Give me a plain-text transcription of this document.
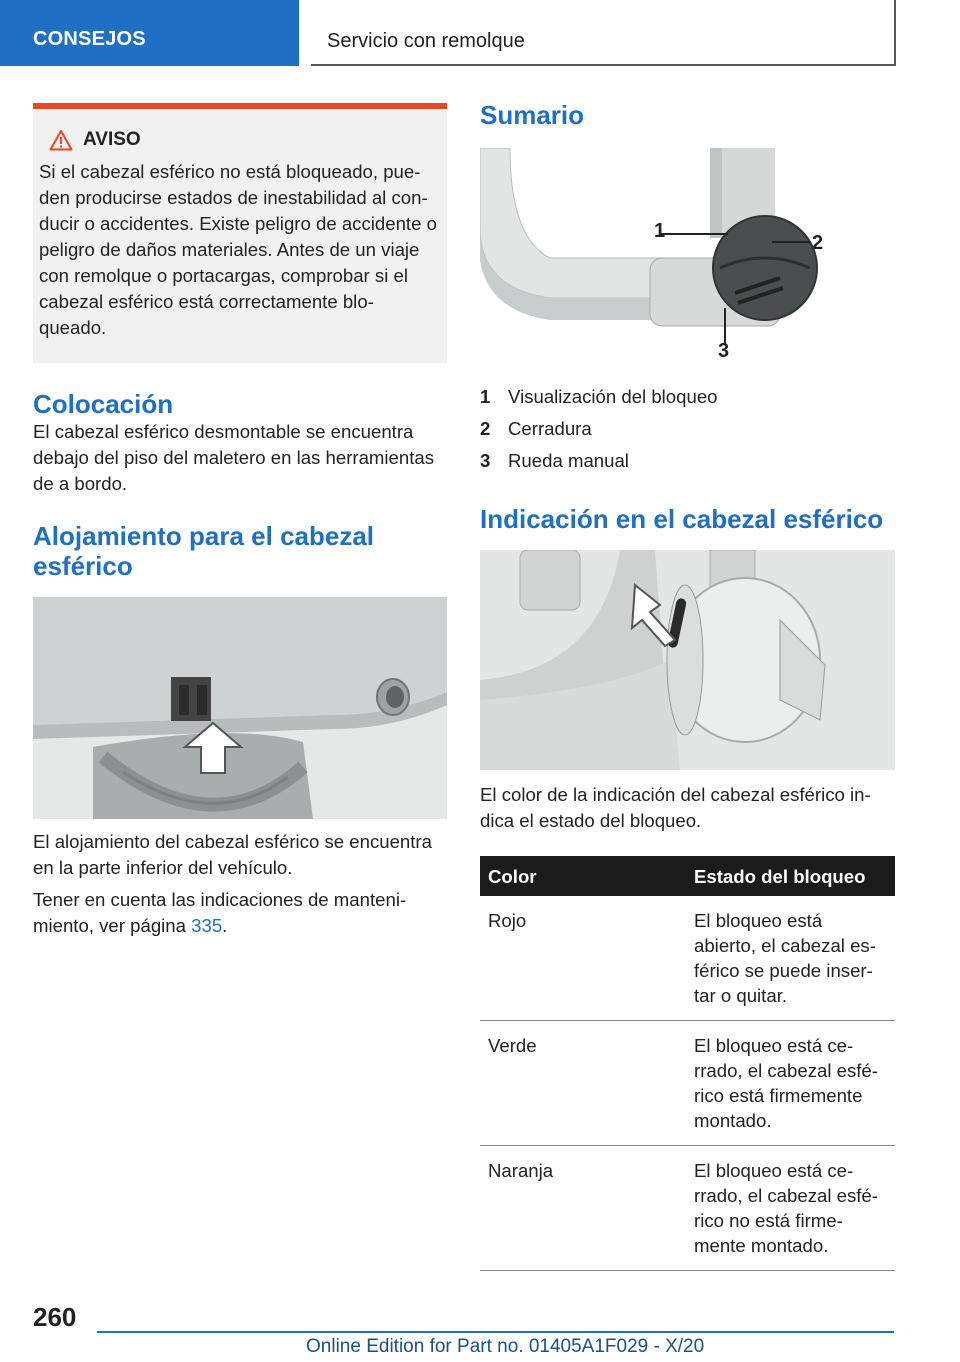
CONSEJOS	Servicio con remolque
AVISO
Si el cabezal esférico no está bloqueado, pue- den producirse estados de inestabilidad al con- ducir o accidentes. Existe peligro de accidente o peligro de daños materiales. Antes de un viaje con remolque o portacargas, comprobar si el cabezal esférico está correctamente blo- queado.
Colocación

El cabezal esférico desmontable se encuentra debajo del piso del maletero en las herramientas de a bordo.

Alojamiento para el cabezal esférico

El alojamiento del cabezal esférico se encuentra en la parte inferior del vehículo.

Tener en cuenta las indicaciones de manteni- miento, ver página 335.

Sumario
1
2
3
1 Visualización del bloqueo
2 Cerradura
3 Rueda manual
Indicación en el cabezal esférico

El color de la indicación del cabezal esférico in- dica el estado del bloqueo.

Color	Estado del bloqueo
Rojo	El bloqueo está abierto, el cabezal es- férico se puede inser- tar o quitar.
Verde	El bloqueo está ce- rrado, el cabezal esfé- rico está firmemente montado.
Naranja	El bloqueo está ce- rrado, el cabezal esfé- rico no está firme- mente montado.
260
Online Edition for Part no. 01405A1F029 - X/20
